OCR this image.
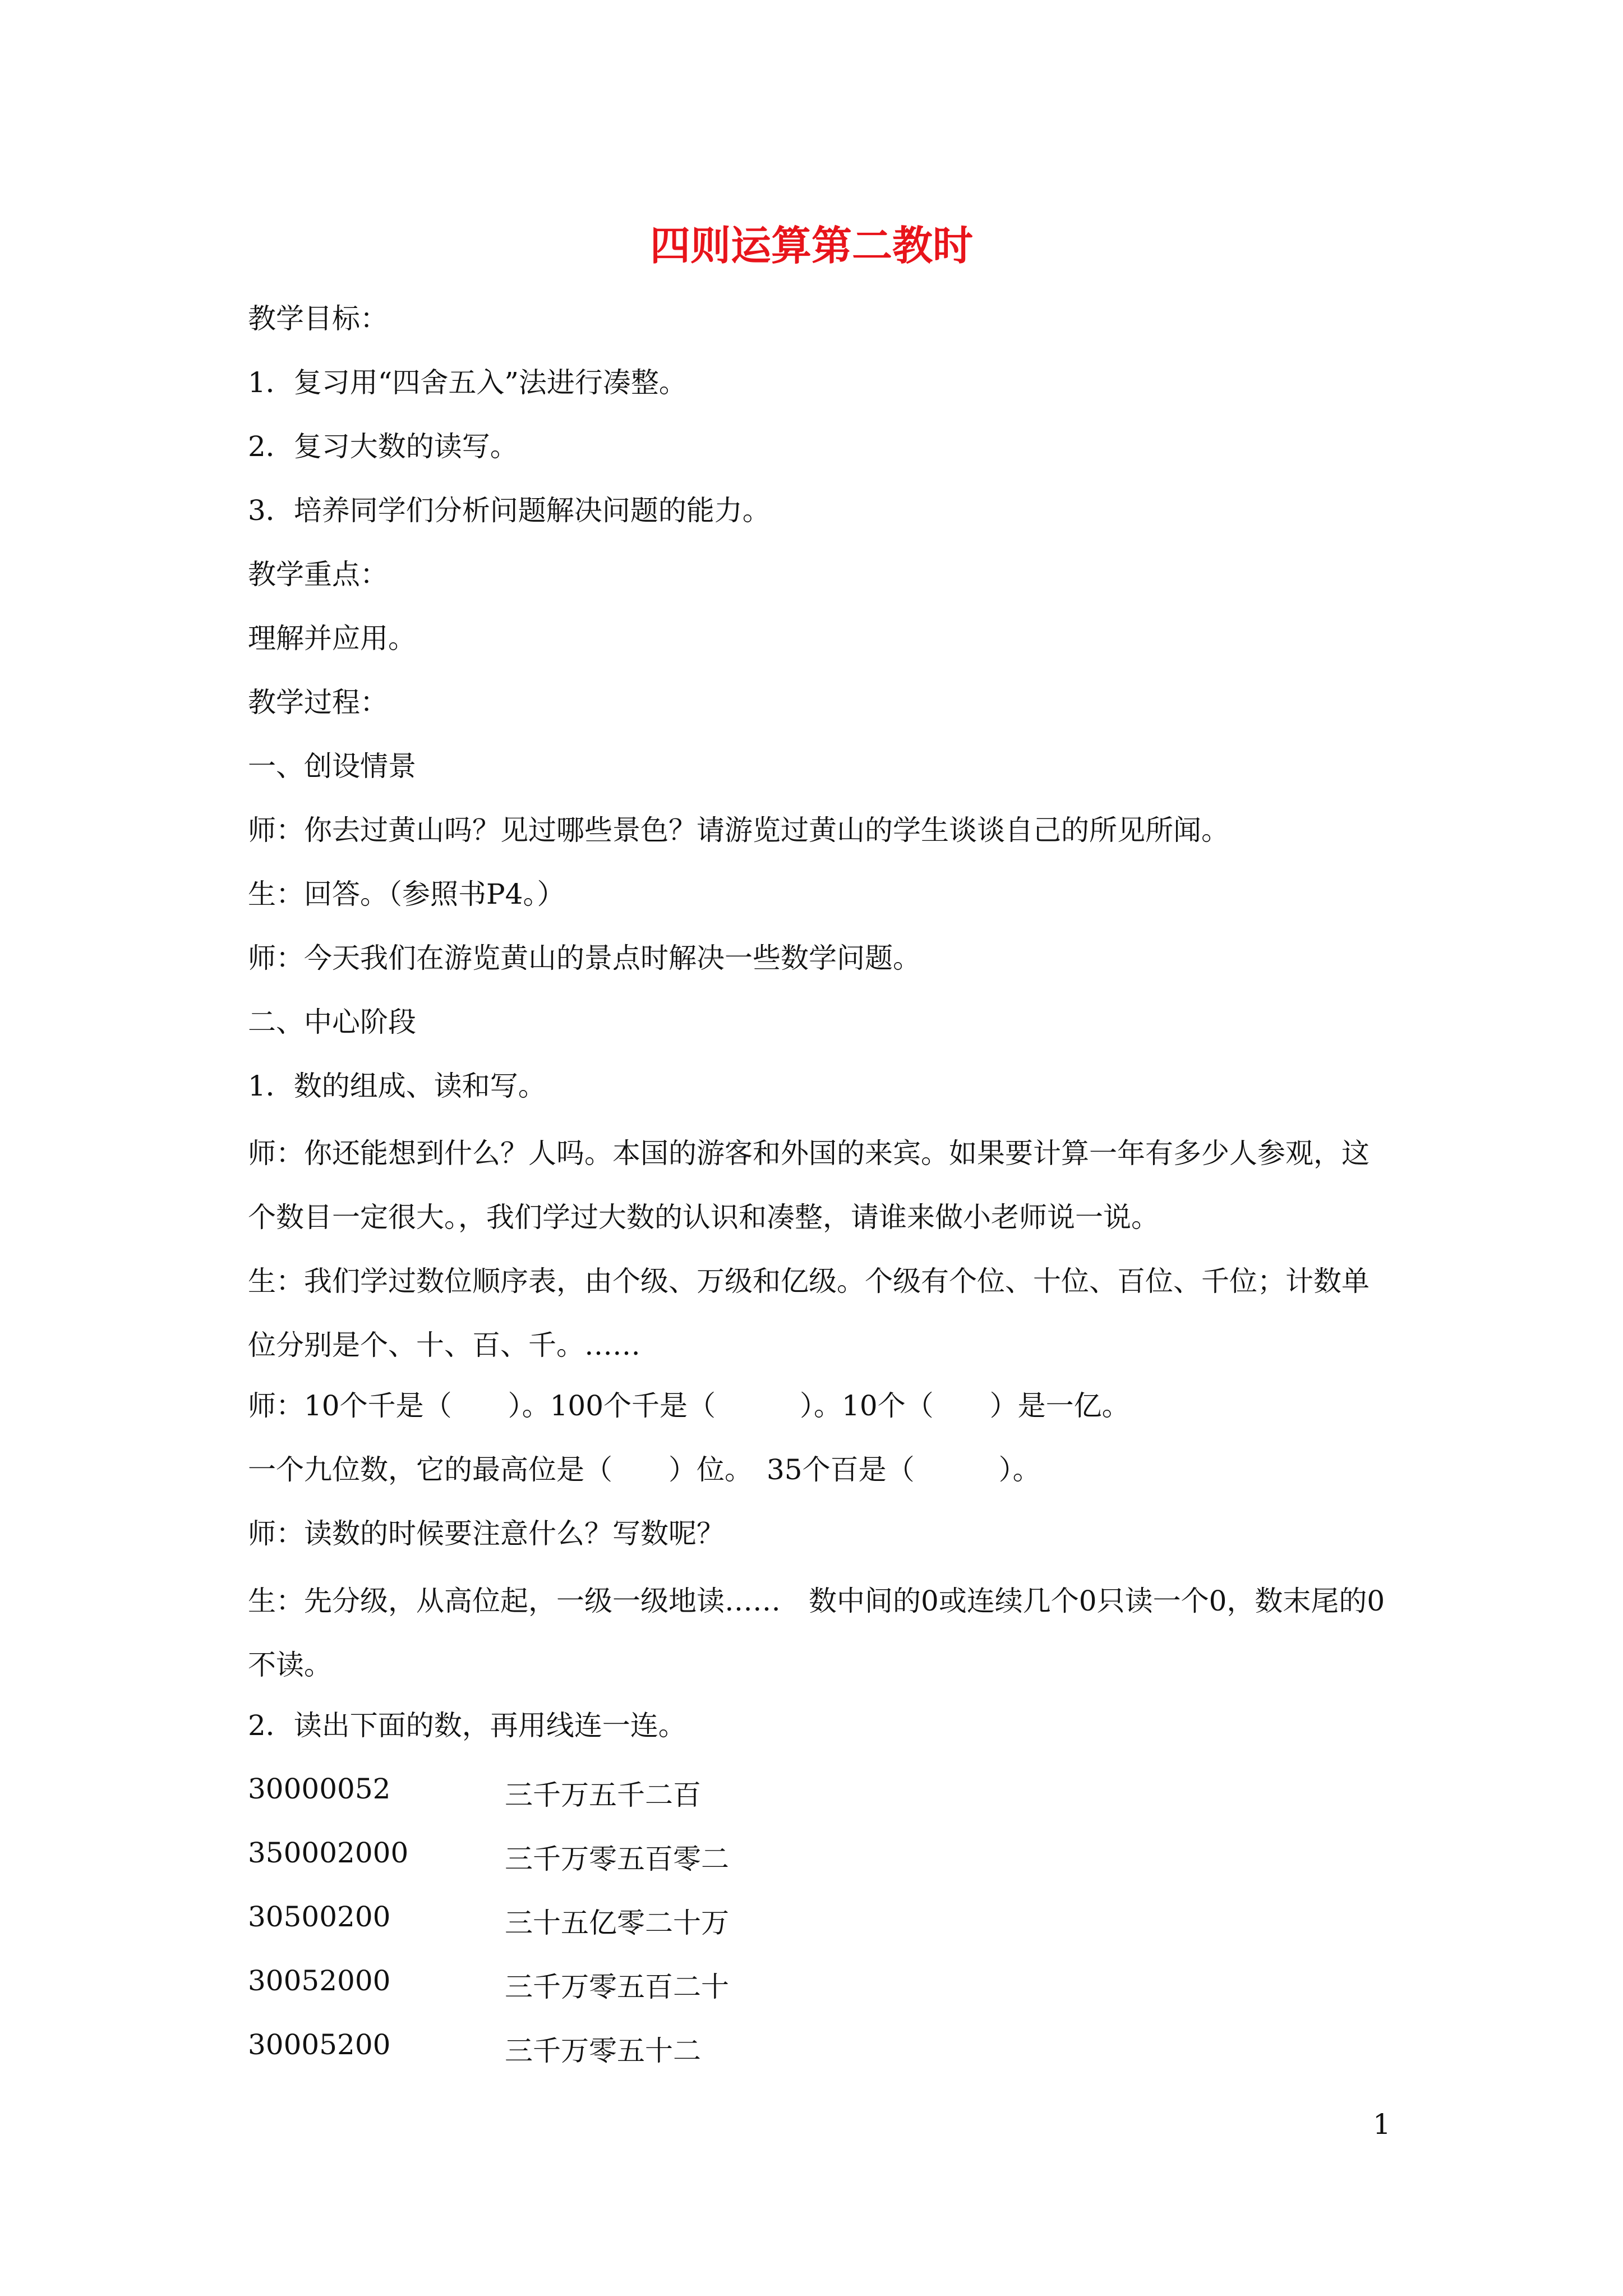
四则运算第二教时
教学目标：
1．复习用“四舍五入”法进行凑整。
2．复习大数的读写。
3．培养同学们分析问题解决问题的能力。
教学重点：
理解并应用。
教学过程：
一、创设情景
师：你去过黄山吗？见过哪些景色？请游览过黄山的学生谈谈自己的所见所闻。
生：回答。（参照书P4。）
师：今天我们在游览黄山的景点时解决一些数学问题。
二、中心阶段
1．数的组成、读和写。
师：你还能想到什么？人吗。本国的游客和外国的来宾。如果要计算一年有多少人参观，这个数目一定很大。，我们学过大数的认识和凑整，请谁来做小老师说一说。
生：我们学过数位顺序表，由个级、万级和亿级。个级有个位、十位、百位、千位；计数单位分别是个、十、百、千。……
师：10个千是（　　）。100个千是（　　　）。10个（　　）是一亿。
一个九位数，它的最高位是（　　）位。　35个百是（　　　）。
师：读数的时候要注意什么？写数呢？
生：先分级，从高位起，一级一级地读……　数中间的0或连续几个0只读一个0，数末尾的0不读。
2．读出下面的数，再用线连一连。
30000052	三千万五千二百
350002000	三千万零五百零二
30500200	三十五亿零二十万
30052000	三千万零五百二十
30005200	三千万零五十二
1
